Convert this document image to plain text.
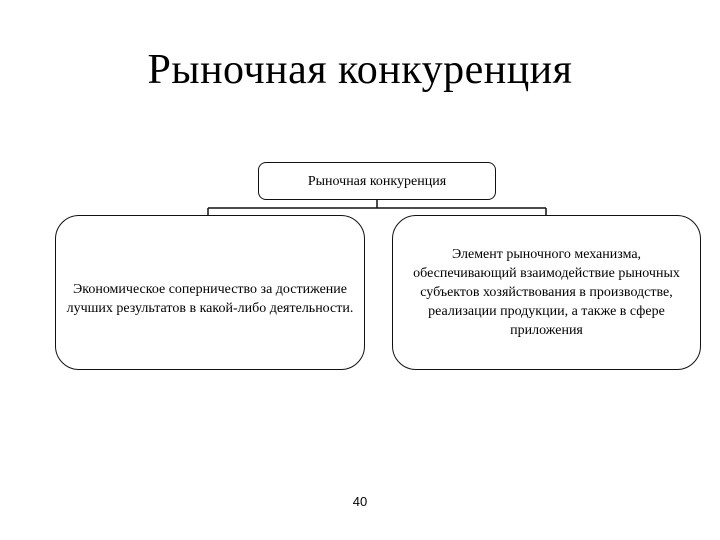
Рыночная конкуренция
Рыночная конкуренция
Экономическое соперничество за достижение лучших результатов в какой-либо деятельности.
Элемент рыночного механизма, обеспечивающий взаимодействие рыночных субъектов хозяйствования в производстве, реализации продукции, а также в сфере приложения
40
